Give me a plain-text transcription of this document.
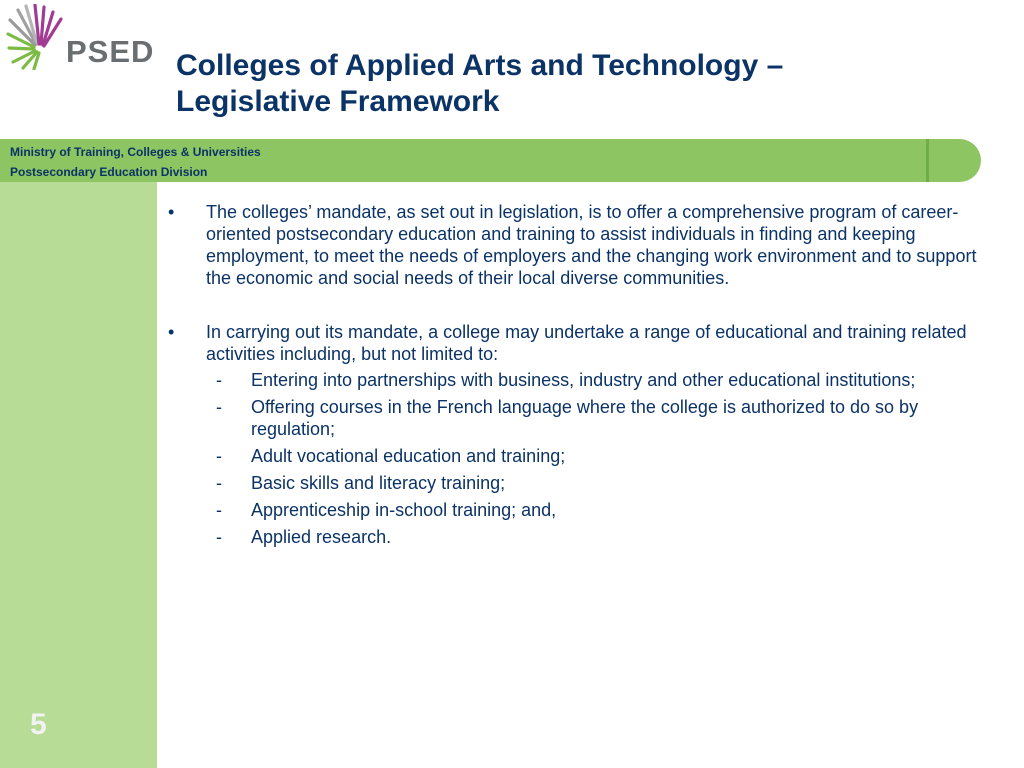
PSED Colleges of Applied Arts and Technology –
Legislative Framework
Ministry of Training, Colleges & Universities
Postsecondary Education Division
5
• The colleges’ mandate, as set out in legislation, is to offer a comprehensive program of career-oriented postsecondary education and training to assist individuals in finding and keeping employment, to meet the needs of employers and the changing work environment and to support the economic and social needs of their local diverse communities.
• In carrying out its mandate, a college may undertake a range of educational and training related activities including, but not limited to:
- Entering into partnerships with business, industry and other educational institutions;
- Offering courses in the French language where the college is authorized to do so by regulation;
- Adult vocational education and training;
- Basic skills and literacy training;
- Apprenticeship in-school training; and,
- Applied research.
